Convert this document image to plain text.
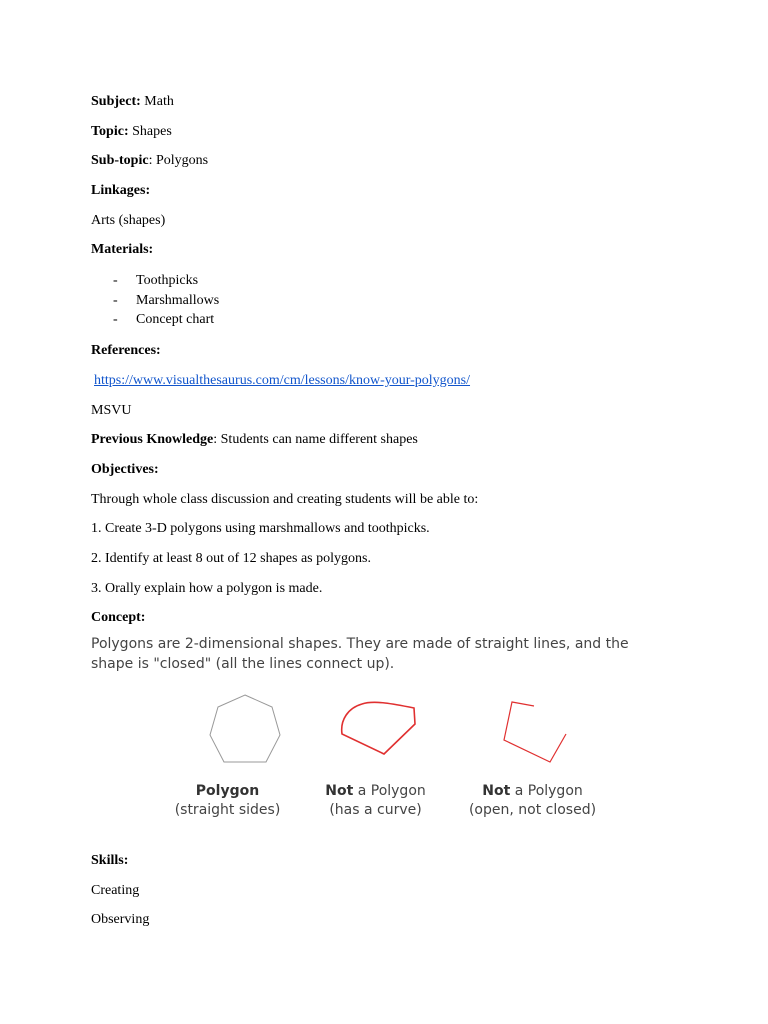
Subject: Math

Topic: Shapes

Sub-topic: Polygons

Linkages:

Arts (shapes)

Materials:

- Toothpicks
- Marshmallows
- Concept chart

References:

https://www.visualthesaurus.com/cm/lessons/know-your-polygons/

MSVU

Previous Knowledge: Students can name different shapes

Objectives:

Through whole class discussion and creating students will be able to:

1. Create 3-D polygons using marshmallows and toothpicks.

2. Identify at least 8 out of 12 shapes as polygons.

3. Orally explain how a polygon is made.

Concept:

Polygons are 2-dimensional shapes. They are made of straight lines, and the
shape is "closed" (all the lines connect up).
Polygon
(straight sides)
Not a Polygon
(has a curve)
Not a Polygon
(open, not closed)

Skills:

Creating

Observing
